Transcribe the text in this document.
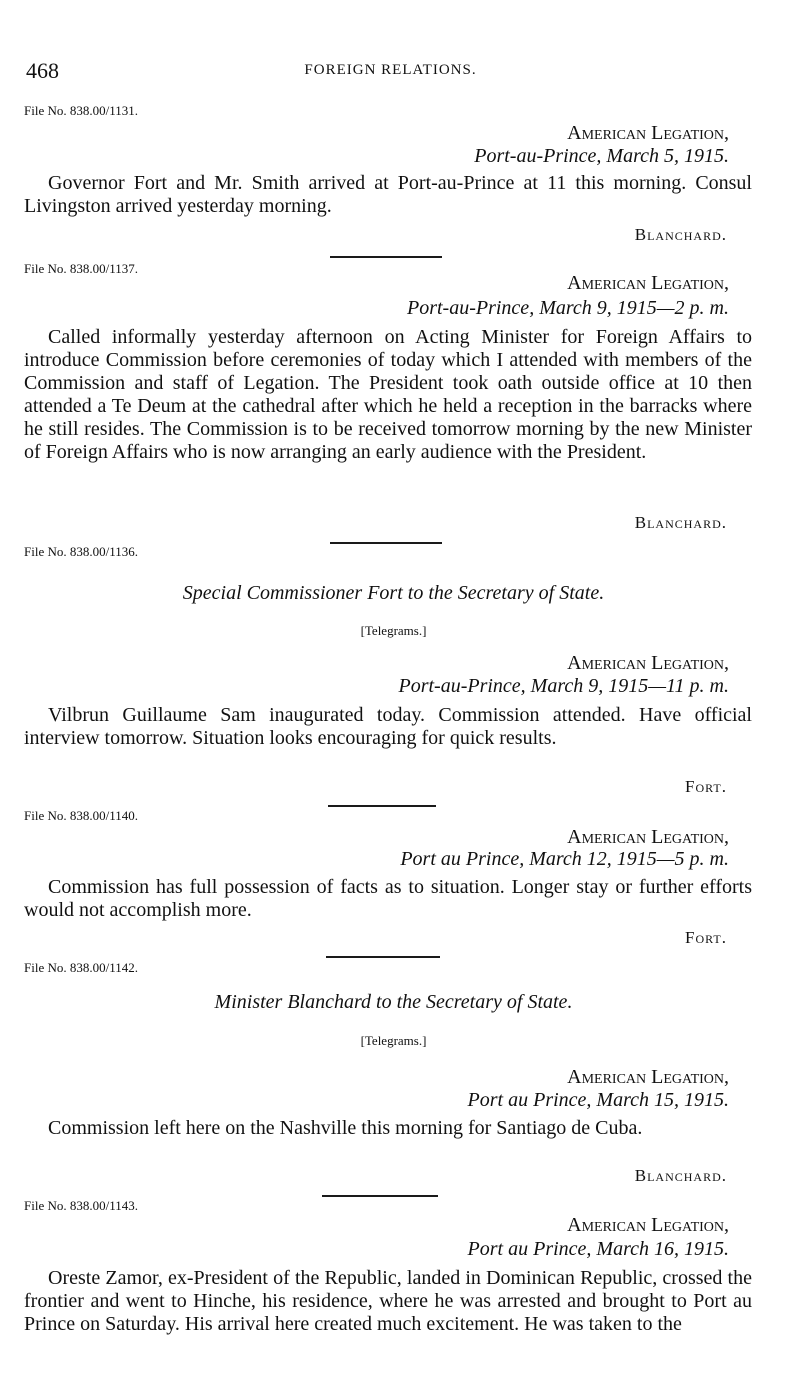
468	FOREIGN RELATIONS.
File No. 838.00/1131.
American Legation,
Port-au-Prince, March 5, 1915.
Governor Fort and Mr. Smith arrived at Port-au-Prince at 11 this morning. Consul Livingston arrived yesterday morning.
Blanchard.
File No. 838.00/1137.
American Legation,
Port-au-Prince, March 9, 1915—2 p. m.
Called informally yesterday afternoon on Acting Minister for Foreign Affairs to introduce Commission before ceremonies of today which I attended with members of the Commission and staff of Legation. The President took oath outside office at 10 then attended a Te Deum at the cathedral after which he held a reception in the barracks where he still resides. The Commission is to be received tomorrow morning by the new Minister of Foreign Affairs who is now arranging an early audience with the President.
Blanchard.
File No. 838.00/1136.
Special Commissioner Fort to the Secretary of State.
[Telegrams.]
American Legation,
Port-au-Prince, March 9, 1915—11 p. m.
Vilbrun Guillaume Sam inaugurated today. Commission attended. Have official interview tomorrow. Situation looks encouraging for quick results.
Fort.
File No. 838.00/1140.
American Legation,
Port au Prince, March 12, 1915—5 p. m.
Commission has full possession of facts as to situation. Longer stay or further efforts would not accomplish more.
Fort.
File No. 838.00/1142.
Minister Blanchard to the Secretary of State.
[Telegrams.]
American Legation,
Port au Prince, March 15, 1915.
Commission left here on the Nashville this morning for Santiago de Cuba.
Blanchard.
File No. 838.00/1143.
American Legation,
Port au Prince, March 16, 1915.
Oreste Zamor, ex-President of the Republic, landed in Dominican Republic, crossed the frontier and went to Hinche, his residence, where he was arrested and brought to Port au Prince on Saturday. His arrival here created much excitement. He was taken to the
